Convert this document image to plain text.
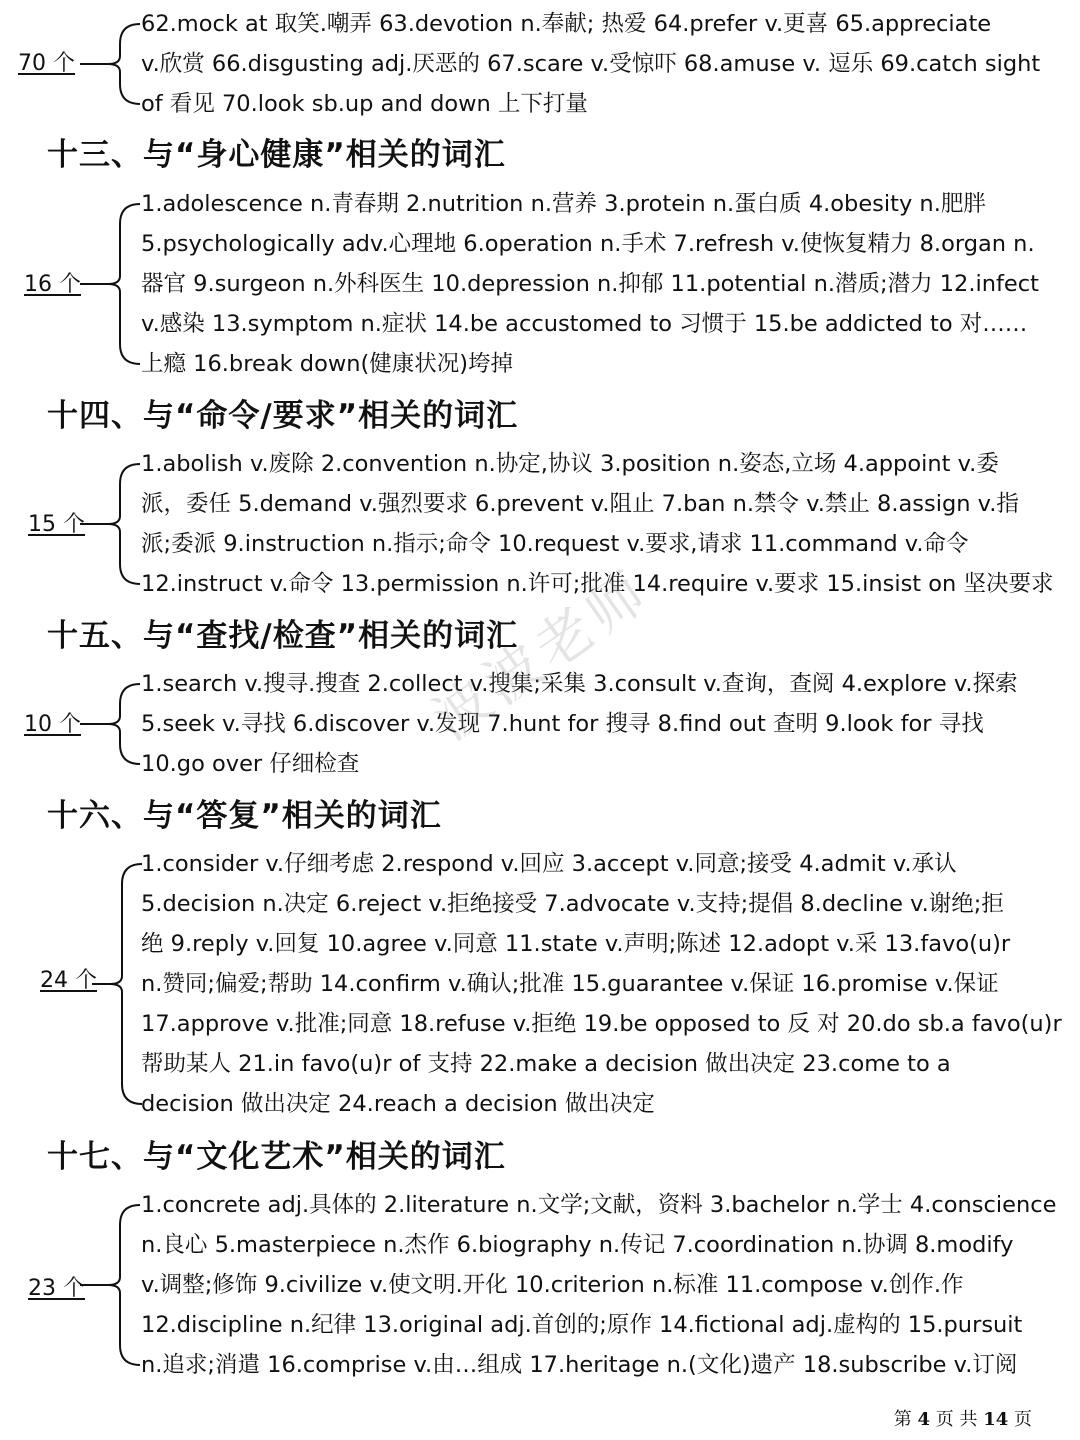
70 个
62.mock at 取笑.嘲弄 63.devotion n.奉献; 热爱 64.prefer v.更喜 65.appreciate
v.欣赏 66.disgusting adj.厌恶的 67.scare v.受惊吓 68.amuse v. 逗乐 69.catch sight
of 看见 70.look sb.up and down 上下打量
十三、与“身心健康”相关的词汇
16 个
1.adolescence n.青春期 2.nutrition n.营养 3.protein n.蛋白质 4.obesity n.肥胖
5.psychologically adv.心理地 6.operation n.手术 7.refresh v.使恢复精力 8.organ n.
器官 9.surgeon n.外科医生 10.depression n.抑郁 11.potential n.潜质;潜力 12.infect
v.感染 13.symptom n.症状 14.be accustomed to 习惯于 15.be addicted to 对……
上瘾 16.break down(健康状况)垮掉
十四、与“命令/要求”相关的词汇
15 个
1.abolish v.废除 2.convention n.协定,协议 3.position n.姿态,立场 4.appoint v.委
派，委任 5.demand v.强烈要求 6.prevent v.阻止 7.ban n.禁令 v.禁止 8.assign v.指
派;委派 9.instruction n.指示;命令 10.request v.要求,请求 11.command v.命令
12.instruct v.命令 13.permission n.许可;批准 14.require v.要求 15.insist on 坚决要求
十五、与“查找/检查”相关的词汇
10 个
1.search v.搜寻.搜查 2.collect v.搜集;采集 3.consult v.查询，查阅 4.explore v.探索
5.seek v.寻找 6.discover v.发现 7.hunt for 搜寻 8.find out 查明 9.look for 寻找
10.go over 仔细检查
十六、与“答复”相关的词汇
24 个
1.consider v.仔细考虑 2.respond v.回应 3.accept v.同意;接受 4.admit v.承认
5.decision n.决定 6.reject v.拒绝接受 7.advocate v.支持;提倡 8.decline v.谢绝;拒
绝 9.reply v.回复 10.agree v.同意 11.state v.声明;陈述 12.adopt v.采 13.favo(u)r
n.赞同;偏爱;帮助 14.confirm v.确认;批准 15.guarantee v.保证 16.promise v.保证
17.approve v.批准;同意 18.refuse v.拒绝 19.be opposed to 反 对 20.do sb.a favo(u)r
帮助某人 21.in favo(u)r of 支持 22.make a decision 做出决定 23.come to a
decision 做出决定 24.reach a decision 做出决定
十七、与“文化艺术”相关的词汇
23 个
1.concrete adj.具体的 2.literature n.文学;文献，资料 3.bachelor n.学士 4.conscience
n.良心 5.masterpiece n.杰作 6.biography n.传记 7.coordination n.协调 8.modify
v.调整;修饰 9.civilize v.使文明.开化 10.criterion n.标准 11.compose v.创作.作
12.discipline n.纪律 13.original adj.首创的;原作 14.fictional adj.虚构的 15.pursuit
n.追求;消遣 16.comprise v.由…组成 17.heritage n.(文化)遗产 18.subscribe v.订阅
波波老师
第 4 页 共 14 页
